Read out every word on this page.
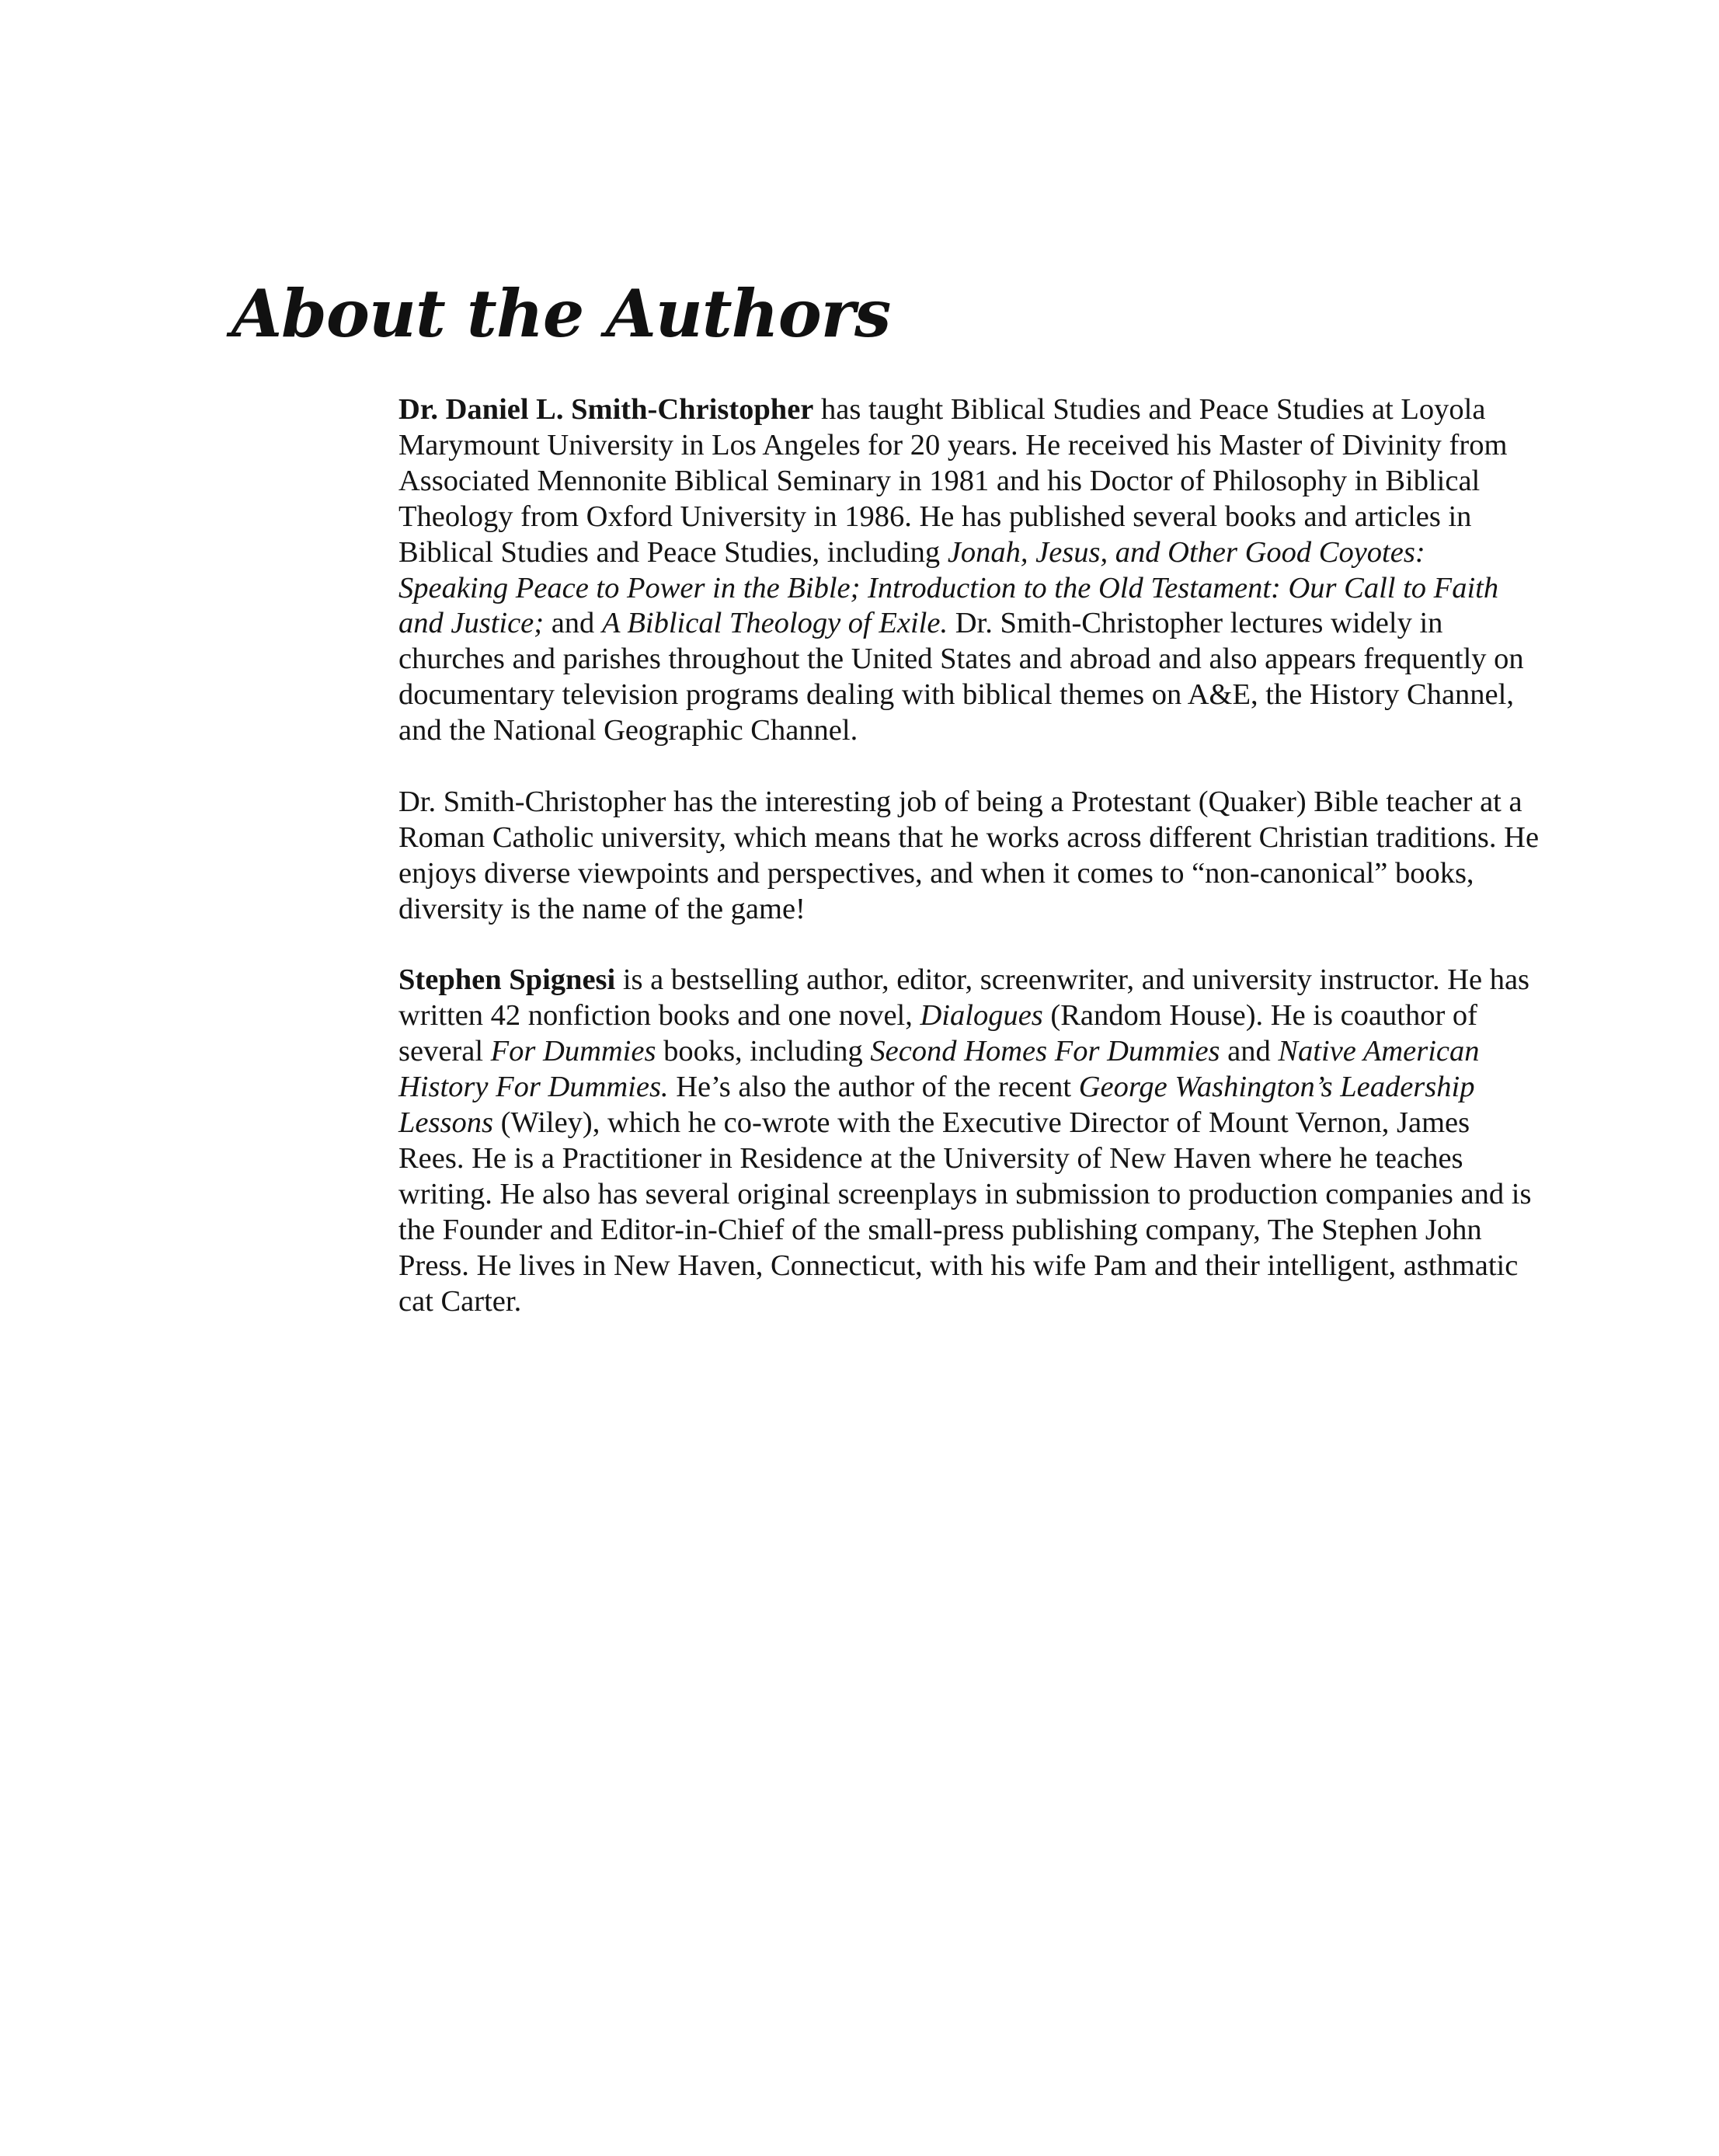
About the Authors

Dr. Daniel L. Smith-Christopher has taught Biblical Studies and Peace Studies at Loyola Marymount University in Los Angeles for 20 years. He received his Master of Divinity from Associated Mennonite Biblical Seminary in 1981 and his Doctor of Philosophy in Biblical Theology from Oxford University in 1986. He has published several books and articles in Biblical Studies and Peace Studies, including Jonah, Jesus, and Other Good Coyotes: Speaking Peace to Power in the Bible; Introduction to the Old Testament: Our Call to Faith and Justice; and A Biblical Theology of Exile. Dr. Smith-Christopher lectures widely in churches and parishes throughout the United States and abroad and also appears frequently on documentary television programs dealing with biblical themes on A&E, the History Channel, and the National Geographic Channel.

Dr. Smith-Christopher has the interesting job of being a Protestant (Quaker) Bible teacher at a Roman Catholic university, which means that he works across different Christian traditions. He enjoys diverse viewpoints and perspectives, and when it comes to “non-canonical” books, diversity is the name of the game!

Stephen Spignesi is a bestselling author, editor, screenwriter, and university instructor. He has written 42 nonfiction books and one novel, Dialogues (Random House). He is coauthor of several For Dummies books, including Second Homes For Dummies and Native American History For Dummies. He’s also the author of the recent George Washington’s Leadership Lessons (Wiley), which he co-wrote with the Executive Director of Mount Vernon, James Rees. He is a Practitioner in Residence at the University of New Haven where he teaches writing. He also has several original screenplays in submission to production companies and is the Founder and Editor-in-Chief of the small-press publishing company, The Stephen John Press. He lives in New Haven, Connecticut, with his wife Pam and their intelligent, asthmatic cat Carter.
